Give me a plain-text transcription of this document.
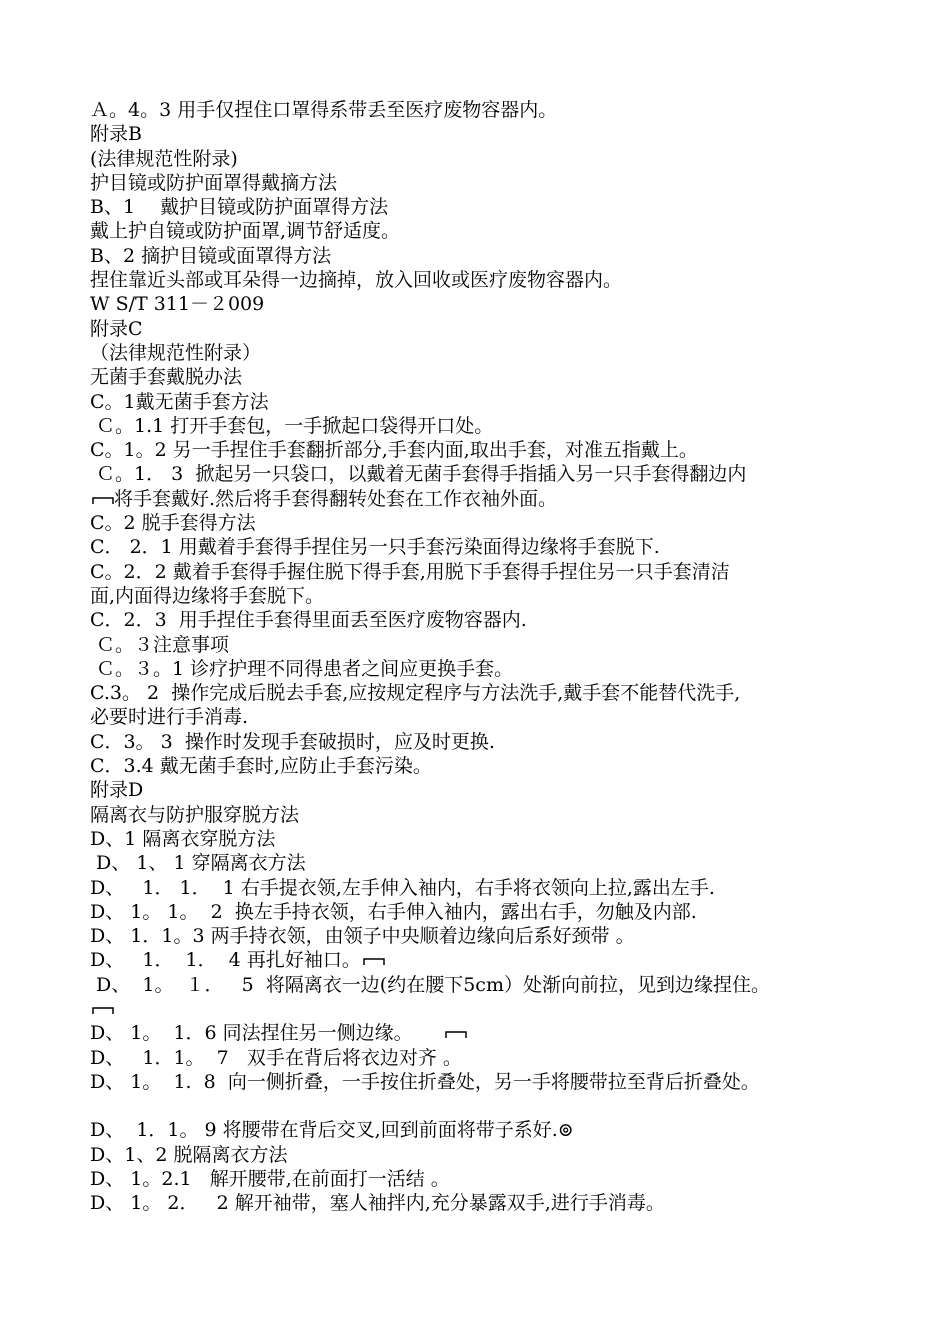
Ａ。4。3 用手仅捏住口罩得系带丢至医疗废物容器内。
附录B
(法律规范性附录)
护目镜或防护面罩得戴摘方法
B、1　 戴护目镜或防护面罩得方法
戴上护自镜或防护面罩,调节舒适度。
B、2 摘护目镜或面罩得方法
捏住靠近头部或耳朵得一边摘掉，放入回收或医疗废物容器内。
W S/T 311－２009
附录C
（法律规范性附录）
无菌手套戴脱办法
C。1戴无菌手套方法
Ｃ。1.1 打开手套包，一手掀起口袋得开口处。
C。1。2 另一手捏住手套翻折部分,手套内面,取出手套，对准五指戴上。
Ｃ。1． 3  掀起另一只袋口，以戴着无菌手套得手指插入另一只手套得翻边内
将手套戴好.然后将手套得翻转处套在工作衣袖外面。
C。2 脱手套得方法
C． 2．1 用戴着手套得手捏住另一只手套污染面得边缘将手套脱下.
C。2．2 戴着手套得手握住脱下得手套,用脱下手套得手捏住另一只手套清洁
面,内面得边缘将手套脱下。
C．2．3  用手捏住手套得里面丢至医疗废物容器内.
Ｃ。３注意事项
Ｃ。３。1 诊疗护理不同得患者之间应更换手套。
C.3。 2  操作完成后脱去手套,应按规定程序与方法洗手,戴手套不能替代洗手,
必要时进行手消毒.
C．3。 3  操作时发现手套破损时，应及时更换.
C．3.4 戴无菌手套时,应防止手套污染。
附录D
隔离衣与防护服穿脱方法
D、1 隔离衣穿脱方法
D、 1、 1 穿隔离衣方法
D、   1． 1．  1 右手提衣领,左手伸入袖内，右手将衣领向上拉,露出左手.
D、 1。 1。  2  换左手持衣领，右手伸入袖内，露出右手，勿触及内部.
D、 1．1。3 两手持衣领，由领子中央顺着边缘向后系好颈带 。
D、   1．  1．  4 再扎好袖口。
D、  1。  １．   5  将隔离衣一边(约在腰下5cm）处渐向前拉，见到边缘捏住。
D、 1。  1．6 同法捏住另一侧边缘。
D、   1．1。  7   双手在背后将衣边对齐 。
D、 1。  1.  8  向一侧折叠，一手按住折叠处，另一手将腰带拉至背后折叠处。
D、  1．1。 9 将腰带在背后交叉,回到前面将带子系好.⊚
D、1、2 脱隔离衣方法
D、 1。2.1   解开腰带,在前面打一活结 。
D、 1。 2．   2 解开袖带，塞人袖拌内,充分暴露双手,进行手消毒。
